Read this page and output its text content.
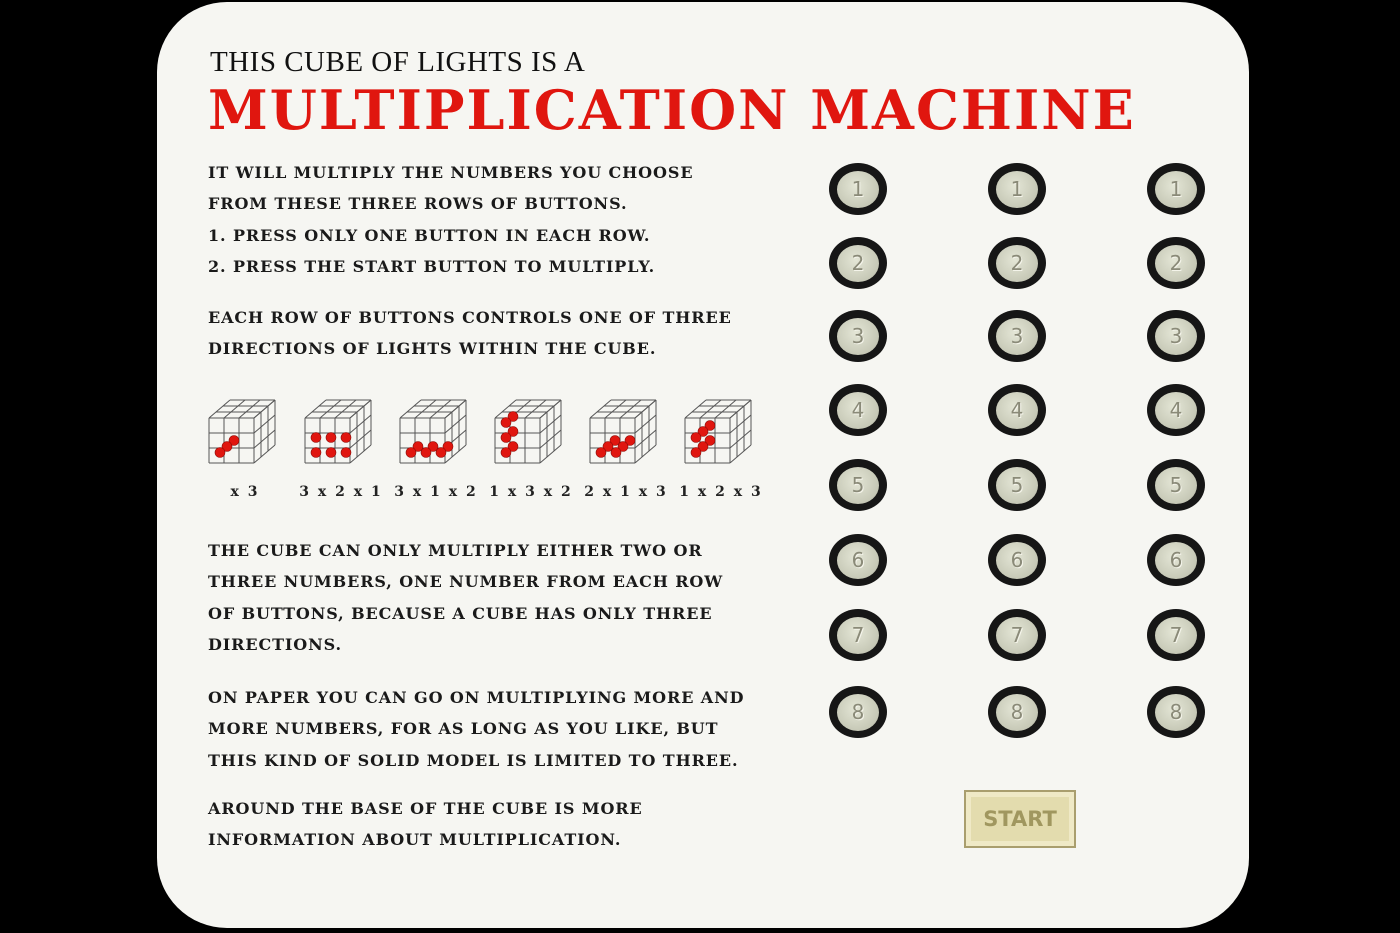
THIS CUBE OF LIGHTS IS A
MULTIPLICATION MACHINE
IT WILL MULTIPLY THE NUMBERS YOU CHOOSE
FROM THESE THREE ROWS OF BUTTONS.
1. PRESS ONLY ONE BUTTON IN EACH ROW.
2. PRESS THE START BUTTON TO MULTIPLY.
EACH ROW OF BUTTONS CONTROLS ONE OF THREE
DIRECTIONS OF LIGHTS WITHIN THE CUBE.
x 3	3 x 2 x 1 3 x 1 x 2 1 x 3 x 2 2 x 1 x 3 1 x 2 x 3
THE CUBE CAN ONLY MULTIPLY EITHER TWO OR
THREE NUMBERS, ONE NUMBER FROM EACH ROW
OF BUTTONS, BECAUSE A CUBE HAS ONLY THREE
DIRECTIONS.
ON PAPER YOU CAN GO ON MULTIPLYING MORE AND
MORE NUMBERS, FOR AS LONG AS YOU LIKE, BUT
THIS KIND OF SOLID MODEL IS LIMITED TO THREE.
AROUND THE BASE OF THE CUBE IS MORE
INFORMATION ABOUT MULTIPLICATION.
1
2
3
4
5
6
7
8
1
2
3
4
5
6
7
8
1
2
3
4
5
6
7
8
START
